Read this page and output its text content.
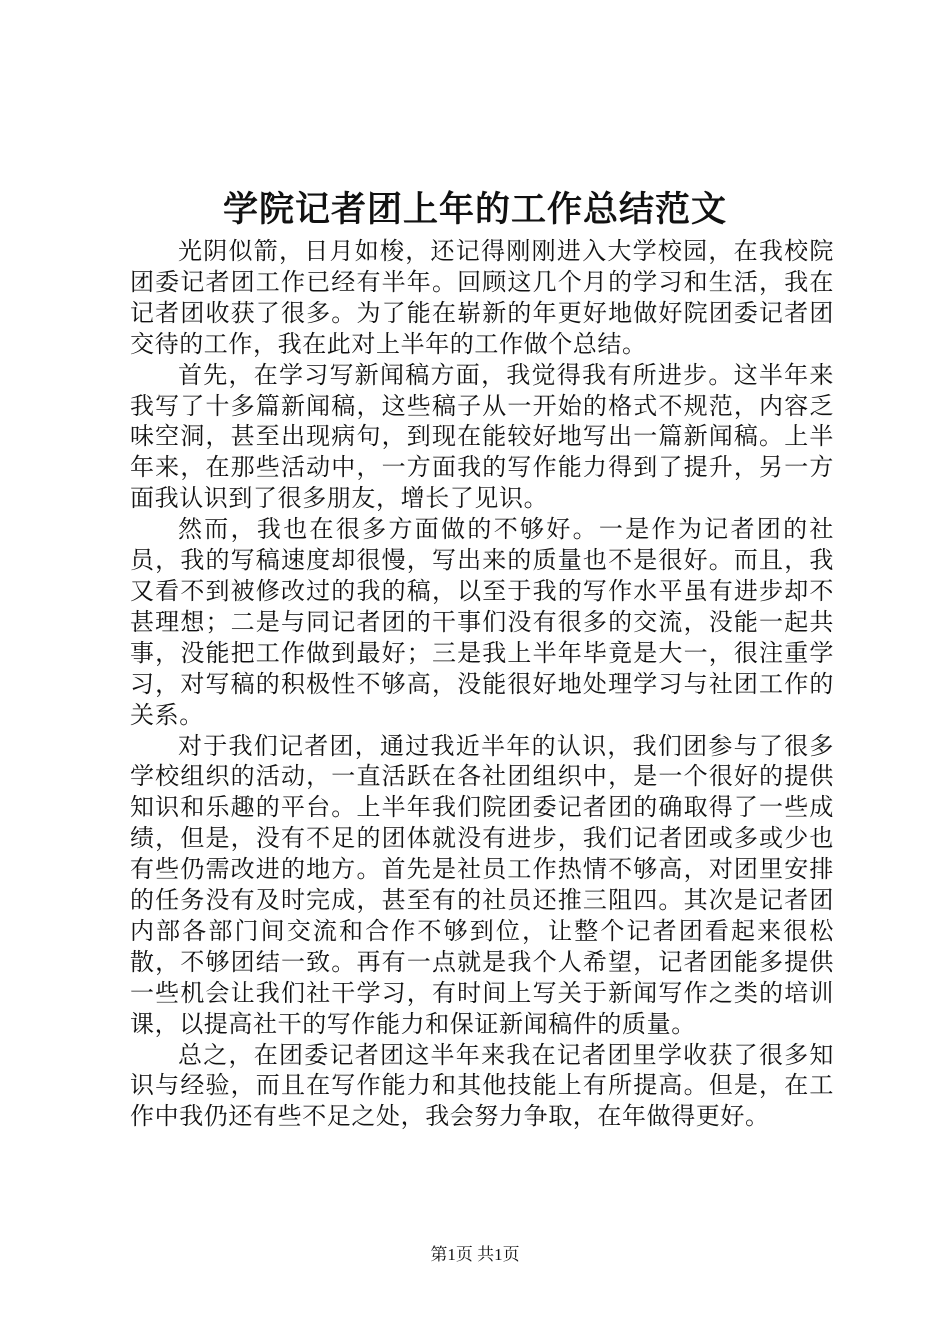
学院记者团上年的工作总结范文

光阴似箭，日月如梭，还记得刚刚进入大学校园，在我校院团委记者团工作已经有半年。回顾这几个月的学习和生活，我在记者团收获了很多。为了能在崭新的年更好地做好院团委记者团交待的工作，我在此对上半年的工作做个总结。

首先，在学习写新闻稿方面，我觉得我有所进步。这半年来我写了十多篇新闻稿，这些稿子从一开始的格式不规范，内容乏味空洞，甚至出现病句，到现在能较好地写出一篇新闻稿。上半年来，在那些活动中，一方面我的写作能力得到了提升，另一方面我认识到了很多朋友，增长了见识。

然而，我也在很多方面做的不够好。一是作为记者团的社员，我的写稿速度却很慢，写出来的质量也不是很好。而且，我又看不到被修改过的我的稿，以至于我的写作水平虽有进步却不甚理想；二是与同记者团的干事们没有很多的交流，没能一起共事，没能把工作做到最好；三是我上半年毕竟是大一，很注重学习，对写稿的积极性不够高，没能很好地处理学习与社团工作的关系。

对于我们记者团，通过我近半年的认识，我们团参与了很多学校组织的活动，一直活跃在各社团组织中，是一个很好的提供知识和乐趣的平台。上半年我们院团委记者团的确取得了一些成绩，但是，没有不足的团体就没有进步，我们记者团或多或少也有些仍需改进的地方。首先是社员工作热情不够高，对团里安排的任务没有及时完成，甚至有的社员还推三阻四。其次是记者团内部各部门间交流和合作不够到位，让整个记者团看起来很松散，不够团结一致。再有一点就是我个人希望，记者团能多提供一些机会让我们社干学习，有时间上写关于新闻写作之类的培训课，以提高社干的写作能力和保证新闻稿件的质量。

总之，在团委记者团这半年来我在记者团里学收获了很多知识与经验，而且在写作能力和其他技能上有所提高。但是，在工作中我仍还有些不足之处，我会努力争取，在年做得更好。

第1页 共1页
